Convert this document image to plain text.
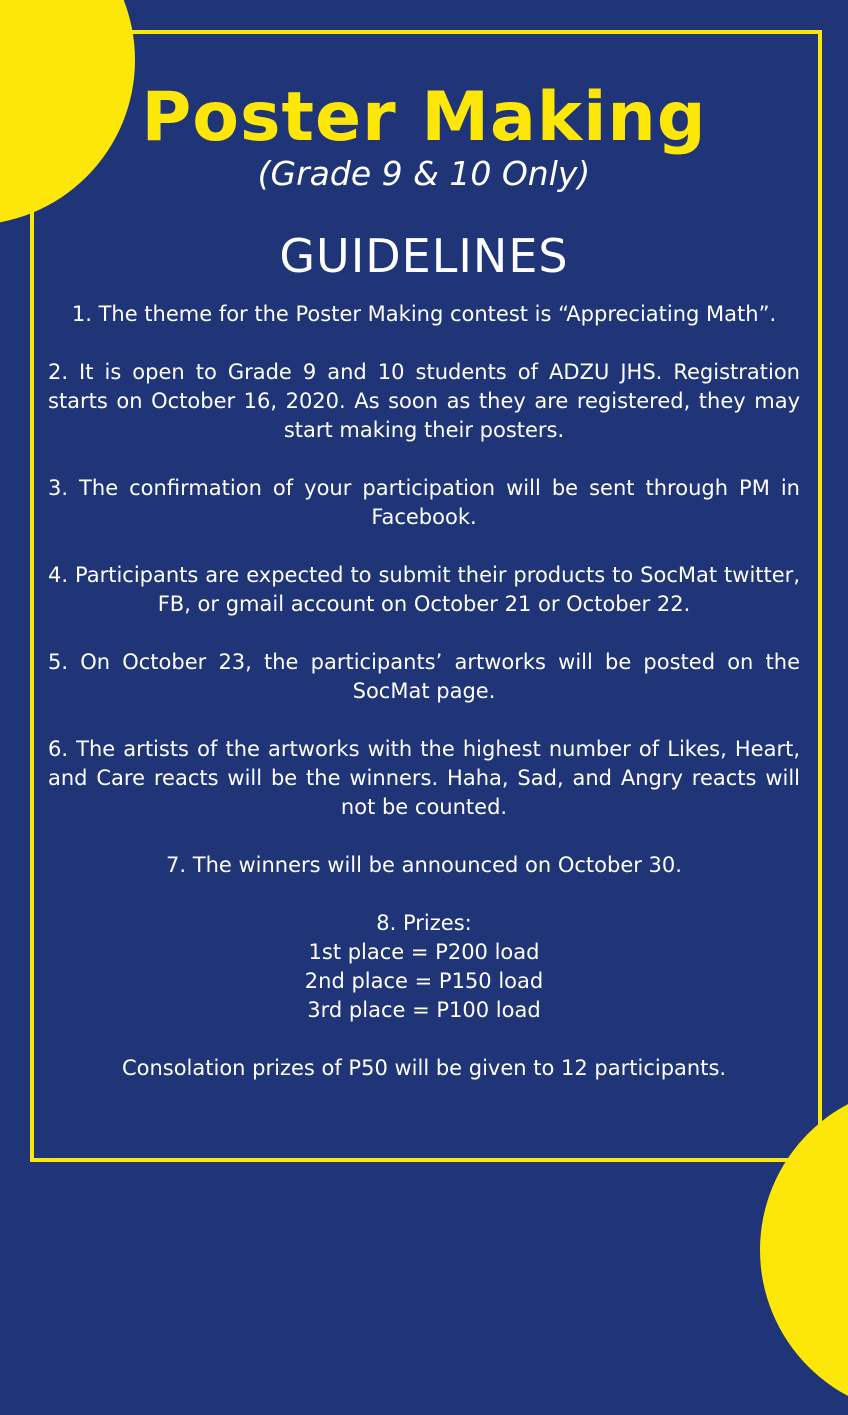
Poster Making
(Grade 9 & 10 Only)
GUIDELINES
1. The theme for the Poster Making contest is “Appreciating Math”.
2. It is open to Grade 9 and 10 students of ADZU JHS. Registration starts on October 16, 2020. As soon as they are registered, they may start making their posters.
3. The confirmation of your participation will be sent through PM in Facebook.
4. Participants are expected to submit their products to SocMat twitter, FB, or gmail account on October 21 or October 22.
5. On October 23, the participants’ artworks will be posted on the SocMat page.
6. The artists of the artworks with the highest number of Likes, Heart, and Care reacts will be the winners. Haha, Sad, and Angry reacts will not be counted.
7. The winners will be announced on October 30.
8. Prizes:
1st place = P200 load
2nd place = P150 load
3rd place = P100 load
Consolation prizes of P50 will be given to 12 participants.
